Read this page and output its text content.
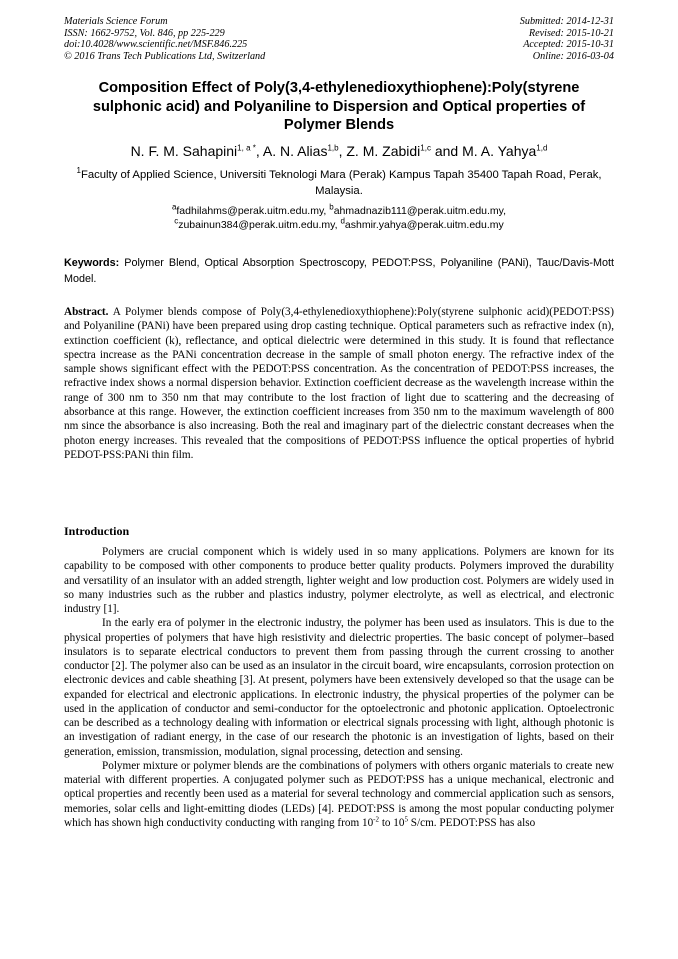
Materials Science Forum
ISSN: 1662-9752, Vol. 846, pp 225-229
doi:10.4028/www.scientific.net/MSF.846.225
© 2016 Trans Tech Publications Ltd, Switzerland
Submitted: 2014-12-31
Revised: 2015-10-21
Accepted: 2015-10-31
Online: 2016-03-04
Composition Effect of Poly(3,4-ethylenedioxythiophene):Poly(styrene sulphonic acid) and Polyaniline to Dispersion and Optical properties of Polymer Blends
N. F. M. Sahapini$^{1, a *}$, A. N. Alias$^{1,b}$, Z. M. Zabidi$^{1,c}$ and M. A. Yahya$^{1,d}$
$^1$Faculty of Applied Science, Universiti Teknologi Mara (Perak) Kampus Tapah 35400 Tapah Road, Perak, Malaysia.
$^a$fadhilahms@perak.uitm.edu.my, $^b$ahmadnazib111@perak.uitm.edu.my,
$^c$zubainun384@perak.uitm.edu.my, $^d$ashmir.yahya@perak.uitm.edu.my
Keywords: Polymer Blend, Optical Absorption Spectroscopy, PEDOT:PSS, Polyaniline (PANi), Tauc/Davis-Mott Model.
Abstract. A Polymer blends compose of Poly(3,4-ethylenedioxythiophene):Poly(styrene sulphonic acid)(PEDOT:PSS) and Polyaniline (PANi) have been prepared using drop casting technique. Optical parameters such as refractive index (n), extinction coefficient (k), reflectance, and optical dielectric were determined in this study. It is found that reflectance spectra increase as the PANi concentration decrease in the sample of small photon energy. The refractive index of the sample shows significant effect with the PEDOT:PSS concentration. As the concentration of PEDOT:PSS increases, the refractive index shows a normal dispersion behavior. Extinction coefficient decrease as the wavelength increase within the range of 300 nm to 350 nm that may contribute to the lost fraction of light due to scattering and the decreasing of absorbance at this range. However, the extinction coefficient increases from 350 nm to the maximum wavelength of 800 nm since the absorbance is also increasing. Both the real and imaginary part of the dielectric constant decreases when the photon energy increases. This revealed that the compositions of PEDOT:PSS influence the optical properties of hybrid PEDOT-PSS:PANi thin film.
Introduction

Polymers are crucial component which is widely used in so many applications. Polymers are known for its capability to be composed with other components to produce better quality products. Polymers improved the durability and versatility of an insulator with an added strength, lighter weight and low production cost. Polymers are widely used in so many industries such as the rubber and plastics industry, polymer electrolyte, as well as electrical, and electronic industry [1].

In the early era of polymer in the electronic industry, the polymer has been used as insulators. This is due to the physical properties of polymers that have high resistivity and dielectric properties. The basic concept of polymer–based insulators is to separate electrical conductors to prevent them from passing through the current crossing to another conductor [2]. The polymer also can be used as an insulator in the circuit board, wire encapsulants, corrosion protection on electronic devices and cable sheathing [3]. At present, polymers have been extensively developed so that the usage can be expanded for electrical and electronic applications. In electronic industry, the physical properties of the polymer can be used in the application of conductor and semi-conductor for the optoelectronic and photonic application. Optoelectronic can be described as a technology dealing with information or electrical signals processing with light, although photonic is an investigation of radiant energy, in the case of our research the photonic is an investigation of lights, based on their generation, emission, transmission, modulation, signal processing, detection and sensing.

Polymer mixture or polymer blends are the combinations of polymers with others organic materials to create new material with different properties. A conjugated polymer such as PEDOT:PSS has a unique mechanical, electronic and optical properties and recently been used as a material for several technology and commercial application such as sensors, memories, solar cells and light-emitting diodes (LEDs) [4]. PEDOT:PSS is among the most popular conducting polymer which has shown high conductivity conducting with ranging from $10^{-2}$ to $10^5$ S/cm. PEDOT:PSS has also
